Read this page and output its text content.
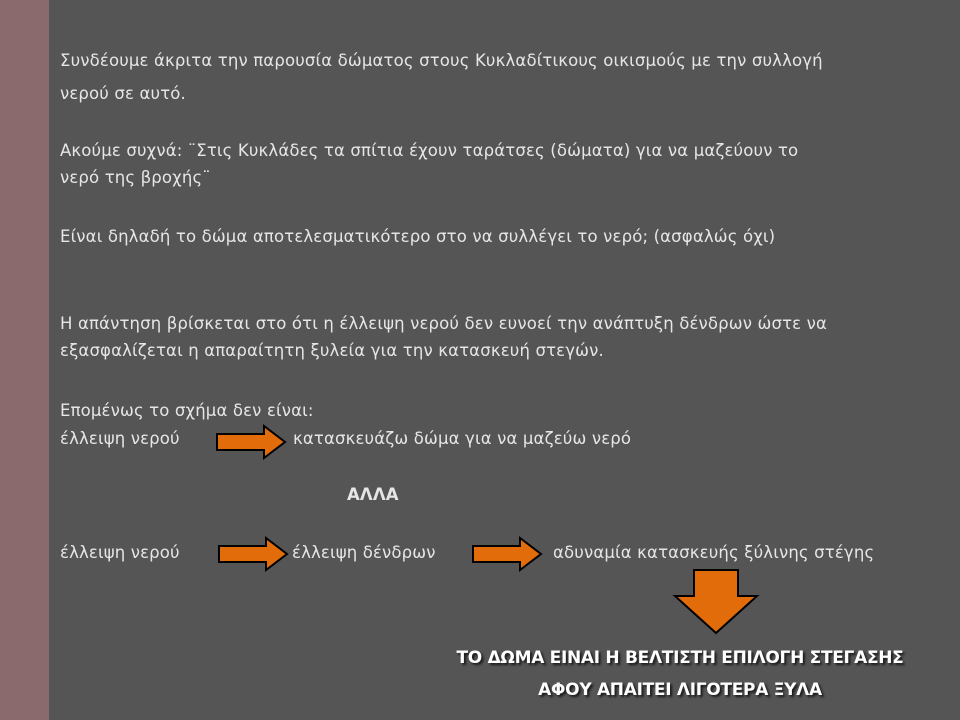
Συνδέουμε άκριτα την παρουσία δώματος στους Κυκλαδίτικους οικισμούς με την συλλογή
νερού σε αυτό.
Ακούμε συχνά: ¨Στις Κυκλάδες τα σπίτια έχουν ταράτσες (δώματα) για να μαζεύουν το
νερό της βροχής¨
Είναι δηλαδή το δώμα αποτελεσματικότερο στο να συλλέγει το νερό; (ασφαλώς όχι)
Η απάντηση βρίσκεται στο ότι η έλλειψη νερού δεν ευνοεί την ανάπτυξη δένδρων ώστε να
εξασφαλίζεται η απαραίτητη ξυλεία για την κατασκευή στεγών.
Επομένως το σχήμα δεν είναι:
έλλειψη νερού	κατασκευάζω δώμα για να μαζεύω νερό
ΑΛΛΑ
έλλειψη νερού	έλλειψη δένδρων	αδυναμία κατασκευής ξύλινης στέγης
ΤΟ ΔΩΜΑ ΕΙΝΑΙ Η ΒΕΛΤΙΣΤΗ ΕΠΙΛΟΓΗ ΣΤΕΓΑΣΗΣ
ΑΦΟΥ ΑΠΑΙΤΕΙ ΛΙΓΟΤΕΡΑ ΞΥΛΑ
